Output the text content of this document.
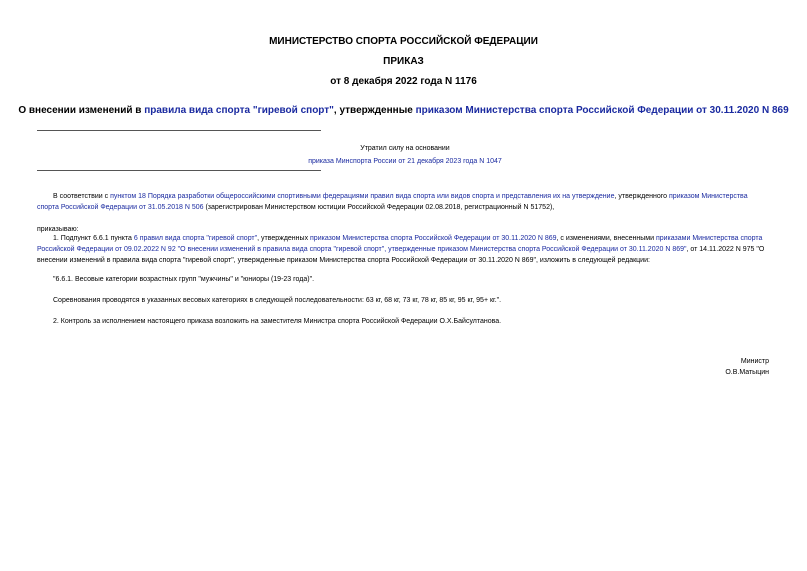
МИНИСТЕРСТВО СПОРТА РОССИЙСКОЙ ФЕДЕРАЦИИ
ПРИКАЗ
от 8 декабря 2022 года N 1176
О внесении изменений в правила вида спорта "гиревой спорт", утвержденные приказом Министерства спорта Российской Федерации от 30.11.2020 N 869
Утратил силу на основании
приказа Минспорта России от 21 декабря 2023 года N 1047
В соответствии с пунктом 18 Порядка разработки общероссийскими спортивными федерациями правил вида спорта или видов спорта и представления их на утверждение, утвержденного приказом Министерства спорта Российской Федерации от 31.05.2018 N 506 (зарегистрирован Министерством юстиции Российской Федерации 02.08.2018, регистрационный N 51752),
приказываю:
1. Подпункт 6.6.1 пункта 6 правил вида спорта "гиревой спорт", утвержденных приказом Министерства спорта Российской Федерации от 30.11.2020 N 869, с изменениями, внесенными приказами Министерства спорта Российской Федерации от 09.02.2022 N 92 "О внесении изменений в правила вида спорта "гиревой спорт", утвержденные приказом Министерства спорта Российской Федерации от 30.11.2020 N 869", от 14.11.2022 N 975 "О внесении изменений в правила вида спорта "гиревой спорт", утвержденные приказом Министерства спорта Российской Федерации от 30.11.2020 N 869", изложить в следующей редакции:
"6.6.1. Весовые категории возрастных групп "мужчины" и "юниоры (19-23 года)".
Соревнования проводятся в указанных весовых категориях в следующей последовательности: 63 кг, 68 кг, 73 кг, 78 кг, 85 кг, 95 кг, 95+ кг.".
2. Контроль за исполнением настоящего приказа возложить на заместителя Министра спорта Российской Федерации О.Х.Байсултанова.
Министр
О.В.Матыцин
